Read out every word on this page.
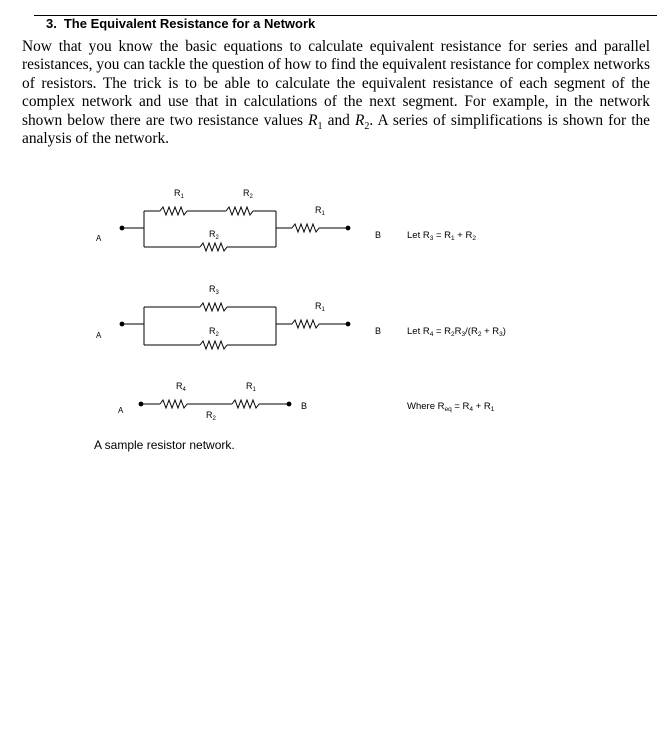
3. The Equivalent Resistance for a Network

Now that you know the basic equations to calculate equivalent resistance for series and parallel resistances, you can tackle the question of how to find the equivalent resistance for complex networks of resistors. The trick is to be able to calculate the equivalent resistance of each segment of the complex network and use that in calculations of the next segment. For example, in the network shown below there are two resistance values $R_1$ and $R_2$. A series of simplifications is shown for the analysis of the network.

A	B
$R_1$	$R_2$
$R_2$
$R_1$
Let $R_3 = R_1 + R_2$
A	B
$R_3$
$R_2$
$R_1$
Let $R_4 = R_2R_3/(R_2 + R_3)$
A	B
$R_4$	$R_1$
$R_2$
Where $R_{eq} = R_4 + R_1$
A sample resistor network.
